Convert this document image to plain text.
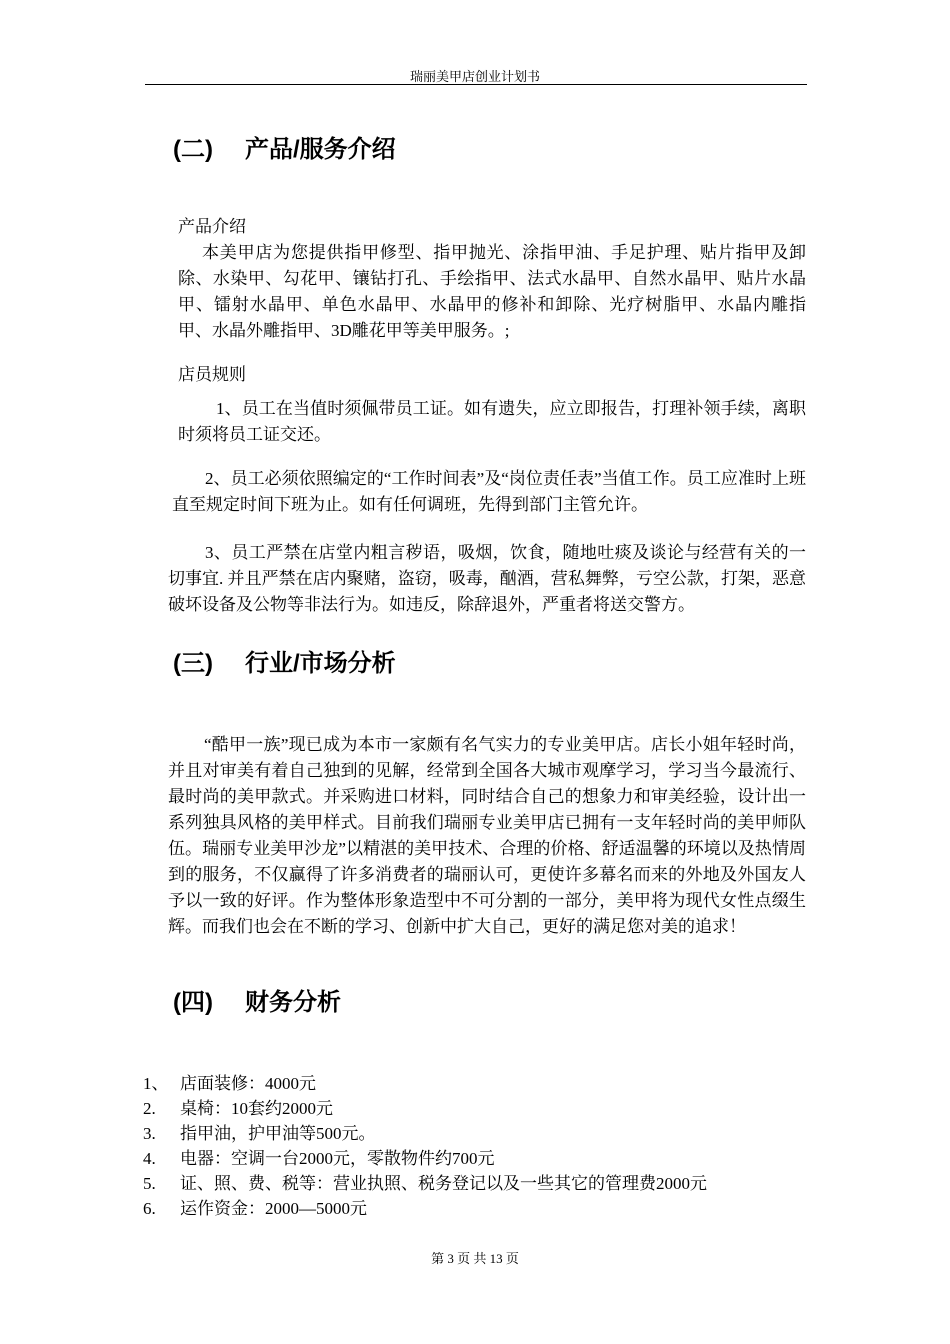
瑞丽美甲店创业计划书
(二) 产品/服务介绍
产品介绍
本美甲店为您提供指甲修型、指甲抛光、涂指甲油、手足护理、贴片指甲及卸除、水染甲、勾花甲、镶钻打孔、手绘指甲、法式水晶甲、自然水晶甲、贴片水晶甲、镭射水晶甲、单色水晶甲、水晶甲的修补和卸除、光疗树脂甲、水晶内雕指甲、水晶外雕指甲、3D雕花甲等美甲服务。;
店员规则
1、员工在当值时须佩带员工证。如有遗失，应立即报告，打理补领手续，离职时须将员工证交还。
2、员工必须依照编定的“工作时间表”及“岗位责任表”当值工作。员工应准时上班直至规定时间下班为止。如有任何调班，先得到部门主管允许。
3、员工严禁在店堂内粗言秽语，吸烟，饮食，随地吐痰及谈论与经营有关的一切事宜. 并且严禁在店内聚赌，盗窃，吸毒，酗酒，营私舞弊，亏空公款，打架，恶意破坏设备及公物等非法行为。如违反，除辞退外，严重者将送交警方。
(三) 行业/市场分析
“酷甲一族”现已成为本市一家颇有名气实力的专业美甲店。店长小姐年轻时尚，并且对审美有着自己独到的见解，经常到全国各大城市观摩学习，学习当今最流行、最时尚的美甲款式。并采购进口材料，同时结合自己的想象力和审美经验，设计出一系列独具风格的美甲样式。目前我们瑞丽专业美甲店已拥有一支年轻时尚的美甲师队伍。瑞丽专业美甲沙龙”以精湛的美甲技术、合理的价格、舒适温馨的环境以及热情周到的服务，不仅赢得了许多消费者的瑞丽认可，更使许多幕名而来的外地及外国友人予以一致的好评。作为整体形象造型中不可分割的一部分，美甲将为现代女性点缀生辉。而我们也会在不断的学习、创新中扩大自己，更好的满足您对美的追求！
(四) 财务分析
1、 店面装修：4000元
2. 桌椅：10套约2000元
3. 指甲油，护甲油等500元。
4. 电器：空调一台2000元，零散物件约700元
5. 证、照、费、税等：营业执照、税务登记以及一些其它的管理费2000元
6. 运作资金：2000—5000元
第 3 页 共 13 页
